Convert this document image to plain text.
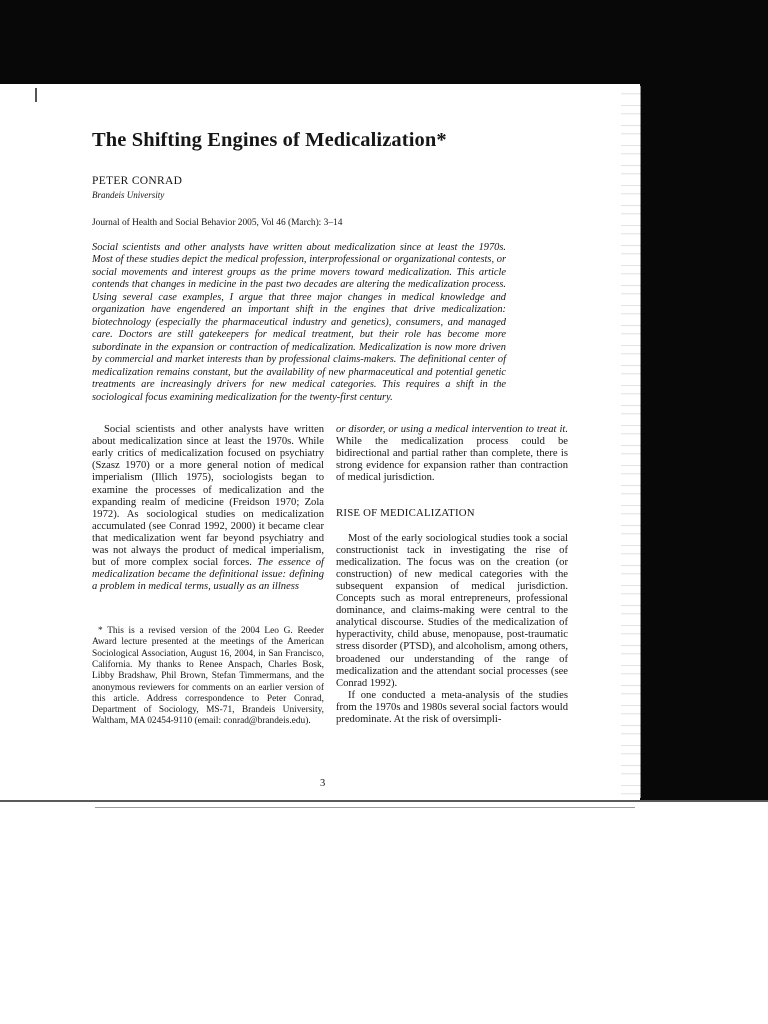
The Shifting Engines of Medicalization*
PETER CONRAD
Brandeis University
Journal of Health and Social Behavior 2005, Vol 46 (March): 3–14

Social scientists and other analysts have written about medicalization since at least the 1970s. Most of these studies depict the medical profession, interprofessional or organizational contests, or social movements and interest groups as the prime movers toward medicalization. This article contends that changes in medicine in the past two decades are altering the medicalization process. Using several case examples, I argue that three major changes in medical knowledge and organization have engendered an important shift in the engines that drive medicalization: biotechnology (especially the pharmaceutical industry and genetics), consumers, and managed care. Doctors are still gatekeepers for medical treatment, but their role has become more subordinate in the expansion or contraction of medicalization. Medicalization is now more driven by commercial and market interests than by professional claims-makers. The definitional center of medicalization remains constant, but the availability of new pharmaceutical and potential genetic treatments are increasingly drivers for new medical categories. This requires a shift in the sociological focus examining medicalization for the twenty-first century.

Social scientists and other analysts have written about medicalization since at least the 1970s. While early critics of medicalization focused on psychiatry (Szasz 1970) or a more general notion of medical imperialism (Illich 1975), sociologists began to examine the processes of medicalization and the expanding realm of medicine (Freidson 1970; Zola 1972). As sociological studies on medicalization accumulated (see Conrad 1992, 2000) it became clear that medicalization went far beyond psychiatry and was not always the product of medical imperialism, but of more complex social forces. The essence of medicalization became the definitional issue: defining a problem in medical terms, usually as an illness

or disorder, or using a medical intervention to treat it. While the medicalization process could be bidirectional and partial rather than complete, there is strong evidence for expansion rather than contraction of medical jurisdiction.

RISE OF MEDICALIZATION

Most of the early sociological studies took a social constructionist tack in investigating the rise of medicalization. The focus was on the creation (or construction) of new medical categories with the subsequent expansion of medical jurisdiction. Concepts such as moral entrepreneurs, professional dominance, and claims-making were central to the analytical discourse. Studies of the medicalization of hyperactivity, child abuse, menopause, post-traumatic stress disorder (PTSD), and alcoholism, among others, broadened our understanding of the range of medicalization and the attendant social processes (see Conrad 1992).

If one conducted a meta-analysis of the studies from the 1970s and 1980s several social factors would predominate. At the risk of oversimpli-

* This is a revised version of the 2004 Leo G. Reeder Award lecture presented at the meetings of the American Sociological Association, August 16, 2004, in San Francisco, California. My thanks to Renee Anspach, Charles Bosk, Libby Bradshaw, Phil Brown, Stefan Timmermans, and the anonymous reviewers for comments on an earlier version of this article. Address correspondence to Peter Conrad, Department of Sociology, MS-71, Brandeis University, Waltham, MA 02454-9110 (email: conrad@brandeis.edu).

3
